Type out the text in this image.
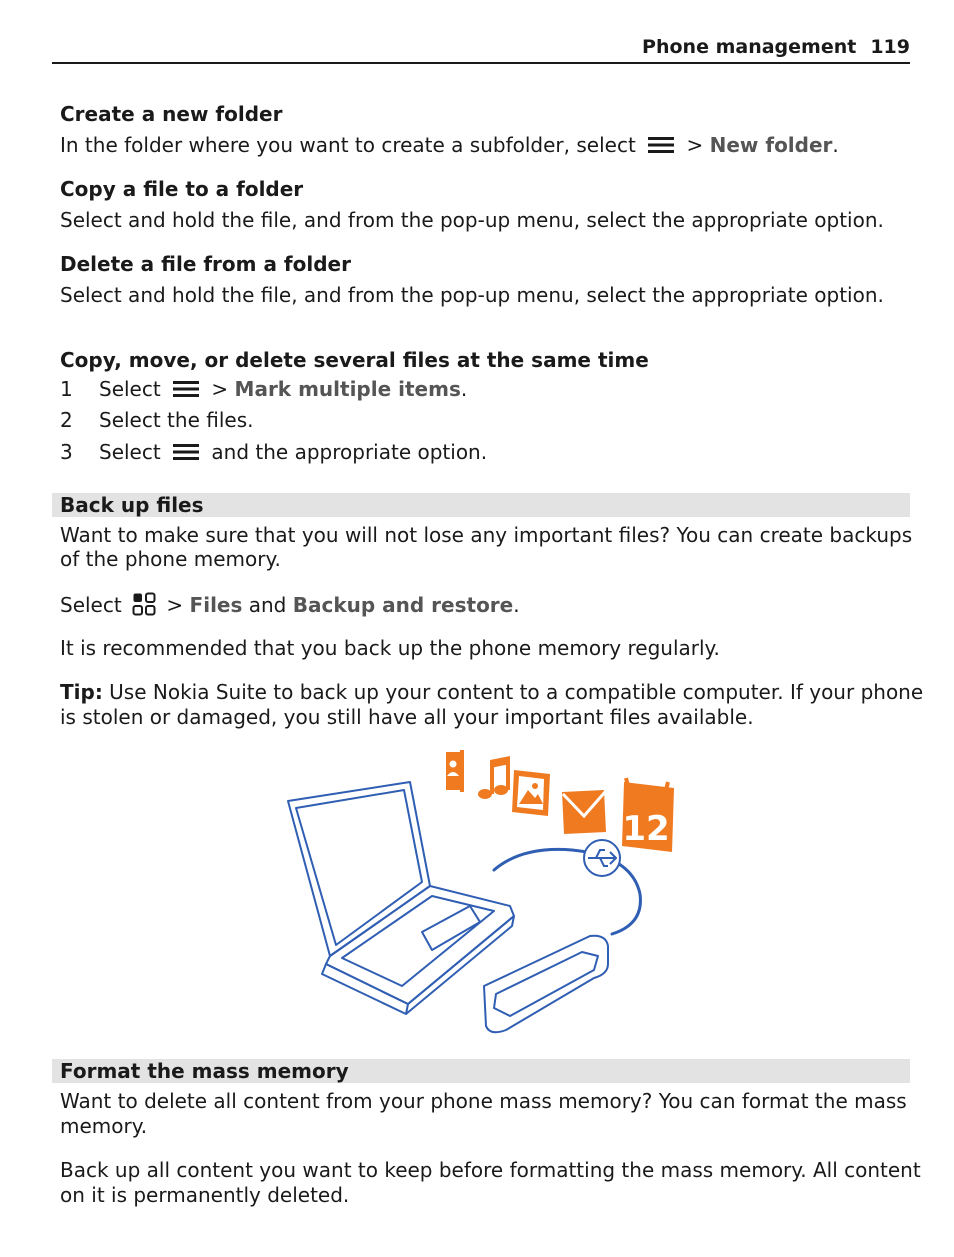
Phone management 119
Create a new folder
In the folder where you want to create a subfolder, select	> New folder.
Copy a file to a folder
Select and hold the file, and from the pop-up menu, select the appropriate option.
Delete a file from a folder
Select and hold the file, and from the pop-up menu, select the appropriate option.
Copy, move, or delete several files at the same time
1 Select	> Mark multiple items.
2 Select the files.
3 Select	and the appropriate option.
Back up files
Want to make sure that you will not lose any important files? You can create backups
of the phone memory.
Select > Files and Backup and restore.
It is recommended that you back up the phone memory regularly.
Tip: Use Nokia Suite to back up your content to a compatible computer. If your phone
is stolen or damaged, you still have all your important files available.
12
Format the mass memory
Want to delete all content from your phone mass memory? You can format the mass
memory.
Back up all content you want to keep before formatting the mass memory. All content
on it is permanently deleted.
